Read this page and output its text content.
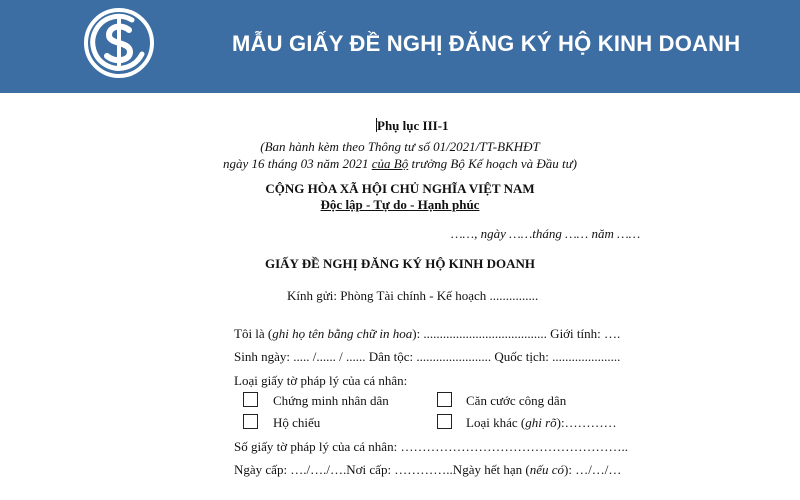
MẪU GIẤY ĐỀ NGHỊ ĐĂNG KÝ HỘ KINH DOANH
Phụ lục III-1
(Ban hành kèm theo Thông tư số 01/2021/TT-BKHĐT
ngày 16 tháng 03 năm 2021 của Bộ trưởng Bộ Kế hoạch và Đầu tư)
CỘNG HÒA XÃ HỘI CHỦ NGHĨA VIỆT NAM
Độc lập - Tự do - Hạnh phúc
……, ngày ……tháng …… năm ……
GIẤY ĐỀ NGHỊ ĐĂNG KÝ HỘ KINH DOANH
Kính gửi: Phòng Tài chính - Kế hoạch ...............
Tôi là (ghi họ tên bằng chữ in hoa): ...................................... Giới tính: ….
Sinh ngày: ..... /...... / ...... Dân tộc: ....................... Quốc tịch: .....................
Loại giấy tờ pháp lý của cá nhân:
Chứng minh nhân dân	Căn cước công dân
Hộ chiếu	Loại khác (ghi rõ):…………
Số giấy tờ pháp lý của cá nhân: ……………………………………………..
Ngày cấp: …./…./….Nơi cấp: …………..Ngày hết hạn (nếu có): …/…/…
